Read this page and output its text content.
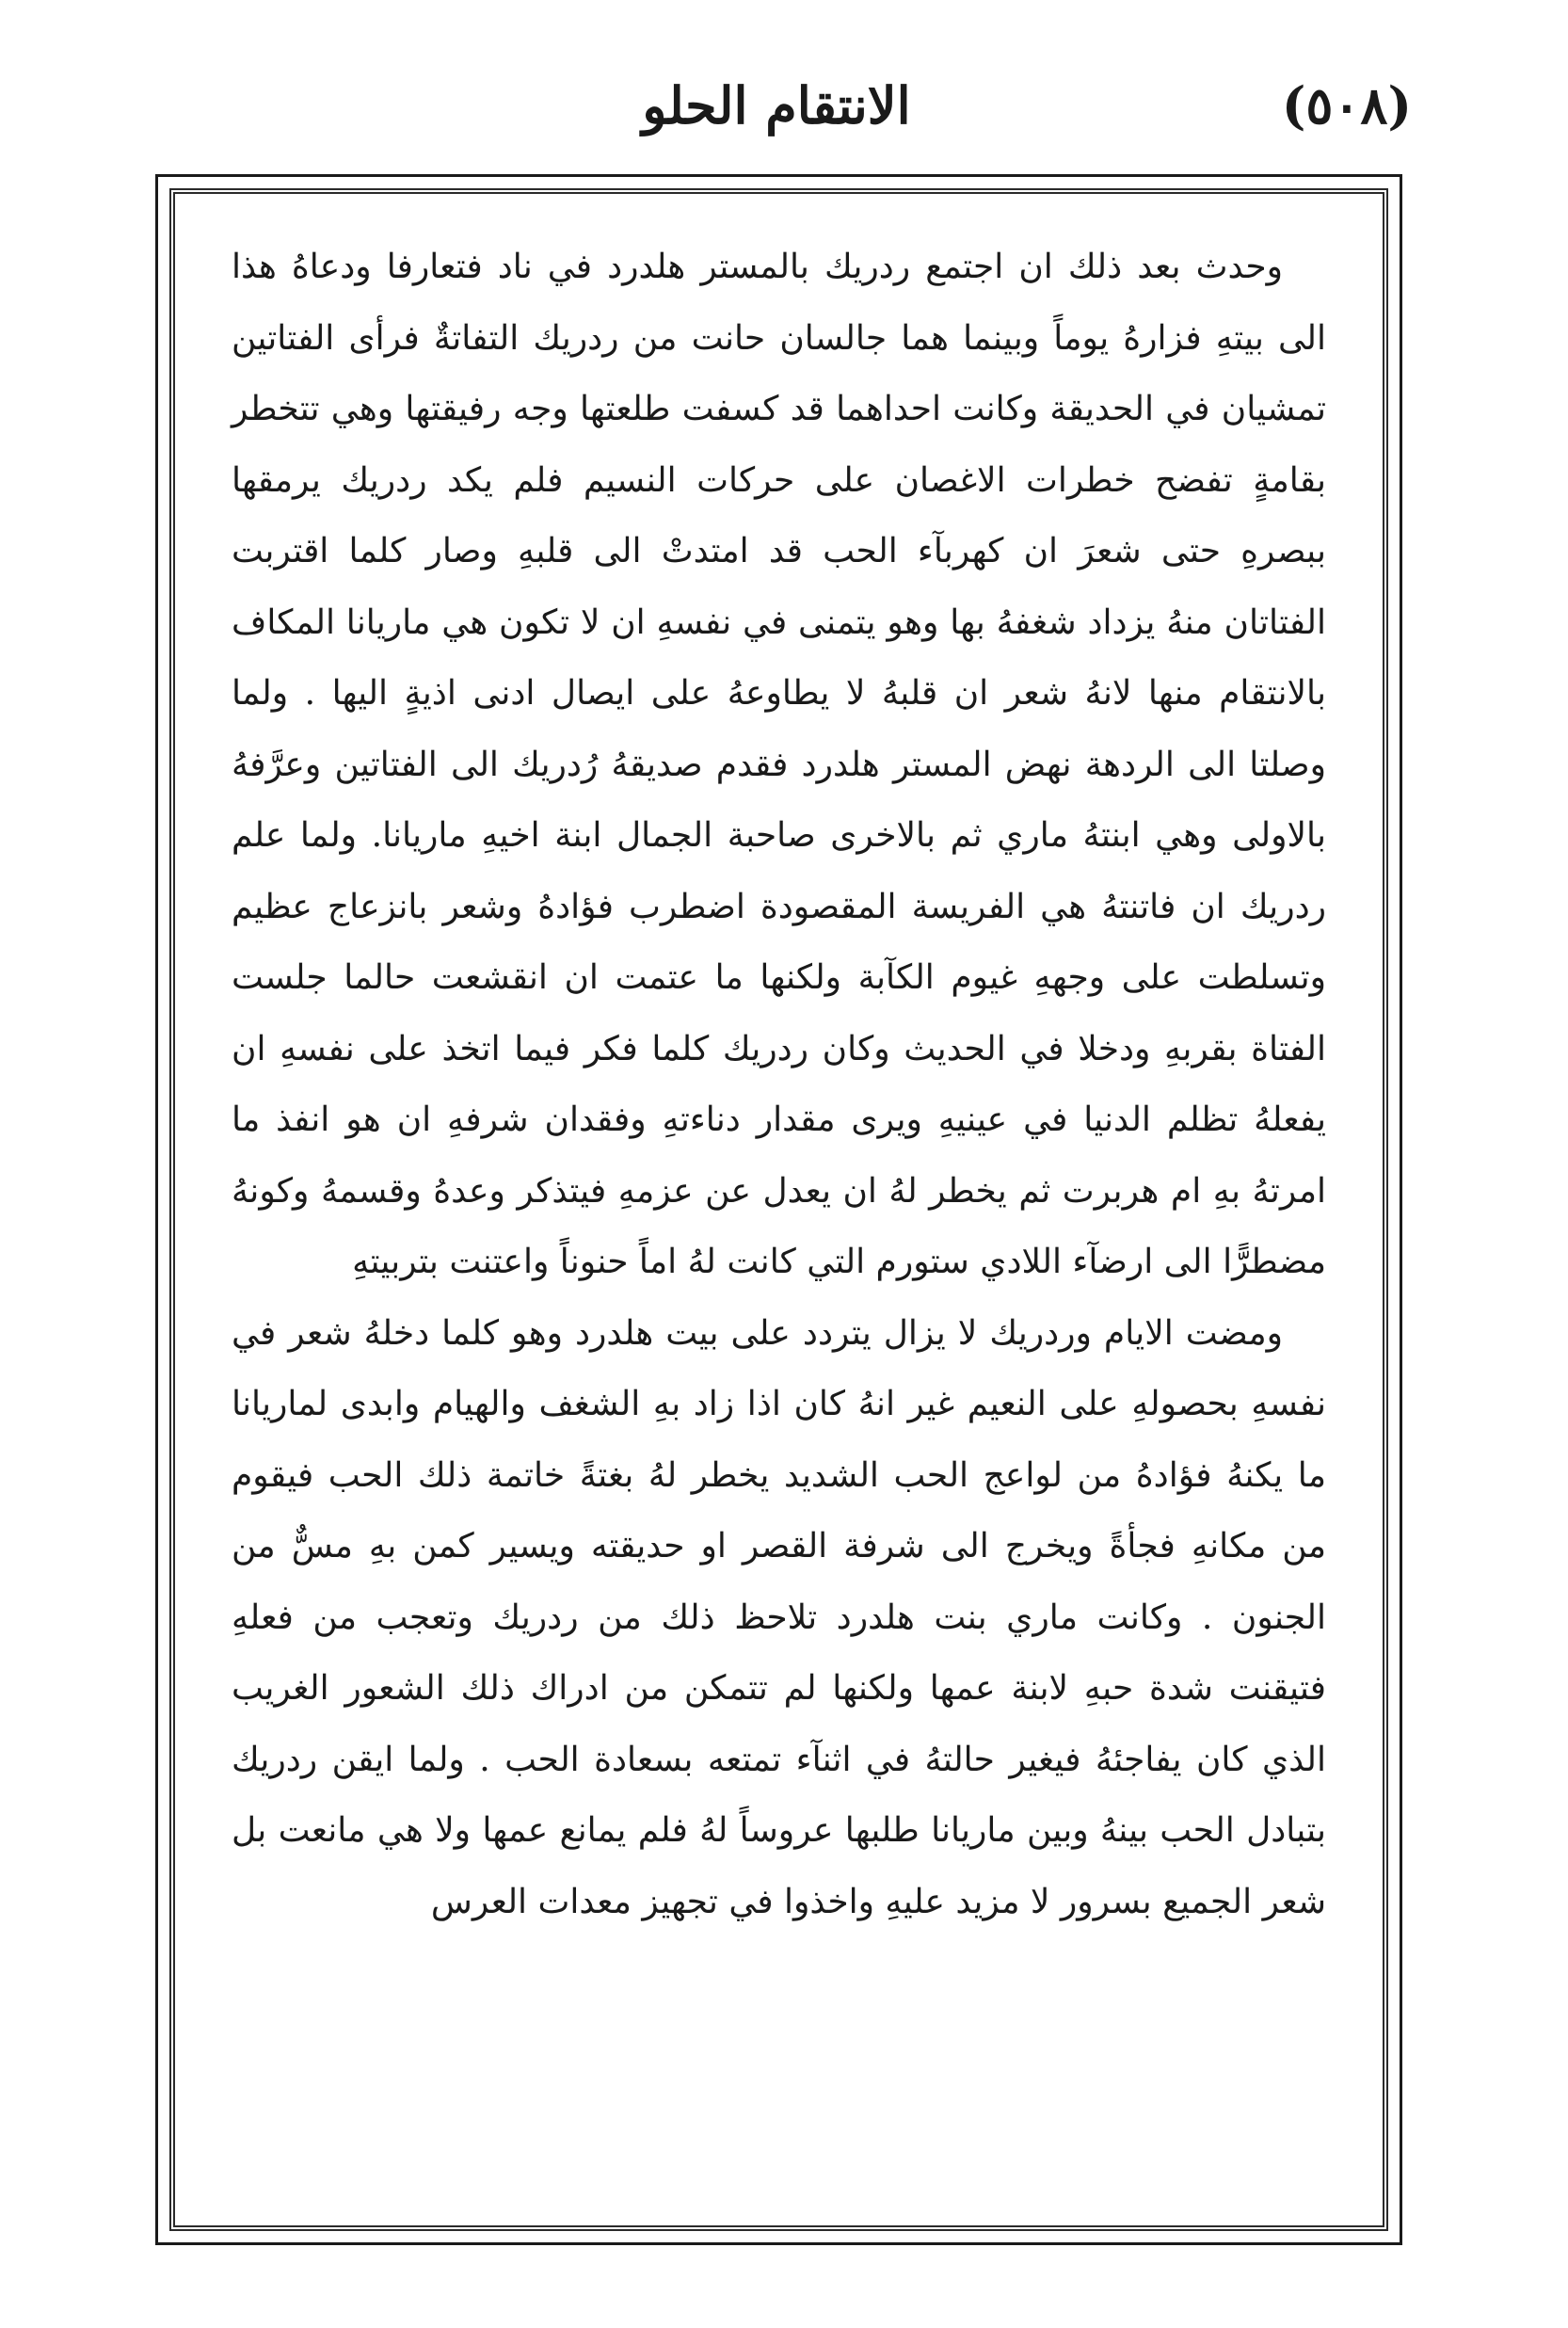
(٥٠٨)
الانتقام الحلو

وحدث بعد ذلك ان اجتمع ردريك بالمستر هلدرد في ناد فتعارفا ودعاهُ هذا الى بيتهِ فزارهُ يوماً وبينما هما جالسان حانت من ردريك التفاتةٌ فرأى الفتاتين تمشيان في الحديقة وكانت احداهما قد كسفت طلعتها وجه رفيقتها وهي تتخطر بقامةٍ تفضح خطرات الاغصان على حركات النسيم فلم يكد ردريك يرمقها ببصرهِ حتى شعرَ ان كهربآء الحب قد امتدتْ الى قلبهِ وصار كلما اقتربت الفتاتان منهُ يزداد شغفهُ بها وهو يتمنى في نفسهِ ان لا تكون هي ماريانا المكاف بالانتقام منها لانهُ شعر ان قلبهُ لا يطاوعهُ على ايصال ادنى اذيةٍ اليها . ولما وصلتا الى الردهة نهض المستر هلدرد فقدم صديقهُ رُدريك الى الفتاتين وعرَّفهُ بالاولى وهي ابنتهُ ماري ثم بالاخرى صاحبة الجمال ابنة اخيهِ ماريانا. ولما علم ردريك ان فاتنتهُ هي الفريسة المقصودة اضطرب فؤادهُ وشعر بانزعاج عظيم وتسلطت على وجههِ غيوم الكآبة ولكنها ما عتمت ان انقشعت حالما جلست الفتاة بقربهِ ودخلا في الحديث وكان ردريك كلما فكر فيما اتخذ على نفسهِ ان يفعلهُ تظلم الدنيا في عينيهِ ويرى مقدار دناءتهِ وفقدان شرفهِ ان هو انفذ ما امرتهُ بهِ ام هربرت ثم يخطر لهُ ان يعدل عن عزمهِ فيتذكر وعدهُ وقسمهُ وكونهُ مضطرًّا الى ارضآء اللادي ستورم التي كانت لهُ اماً حنوناً واعتنت بتربيتهِ

ومضت الايام وردريك لا يزال يتردد على بيت هلدرد وهو كلما دخلهُ شعر في نفسهِ بحصولهِ على النعيم غير انهُ كان اذا زاد بهِ الشغف والهيام وابدى لماريانا ما يكنهُ فؤادهُ من لواعج الحب الشديد يخطر لهُ بغتةً خاتمة ذلك الحب فيقوم من مكانهِ فجأةً ويخرج الى شرفة القصر او حديقته ويسير كمن بهِ مسٌّ من الجنون . وكانت ماري بنت هلدرد تلاحظ ذلك من ردريك وتعجب من فعلهِ فتيقنت شدة حبهِ لابنة عمها ولكنها لم تتمكن من ادراك ذلك الشعور الغريب الذي كان يفاجئهُ فيغير حالتهُ في اثنآء تمتعه بسعادة الحب . ولما ايقن ردريك بتبادل الحب بينهُ وبين ماريانا طلبها عروساً لهُ فلم يمانع عمها ولا هي مانعت بل شعر الجميع بسرور لا مزيد عليهِ واخذوا في تجهيز معدات العرس
